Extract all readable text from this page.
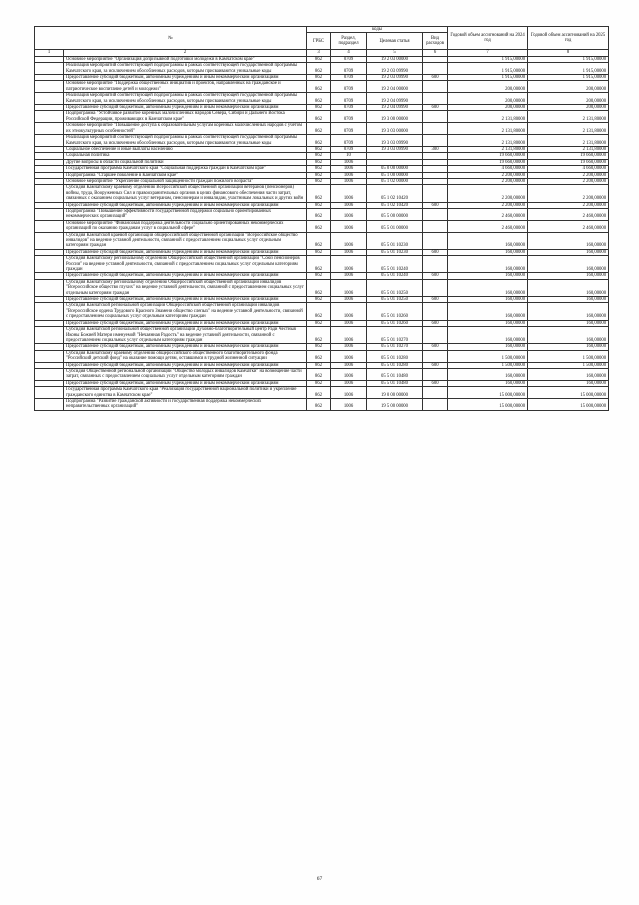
№		коды				Годовой объем ассигнований на 2024 год	Годовой объем ассигнований на 2025 год
		ГРБС	Раздел, подраздел	Целевая статья	Вид расходов		
1	2	3	4	5	6	7	8
	Основное мероприятие "Организация допризывной подготовки молодежи в Камчатском крае"	862	0709	19 2 03 00000		1 915,00000	1 915,00000
	Реализация мероприятий соответствующей подпрограммы в рамках соответствующей государственной программы Камчатского края, за исключением обособленных расходов, которым присваиваются уникальные коды	862	0709	19 2 03 09990		1 915,00000	1 915,00000
	Предоставление субсидий бюджетным, автономным учреждениям и иным некоммерческим организациям	862	0709	19 2 03 09990	600	1 915,00000	1 915,00000
	Основное мероприятие "Поддержка общественных инициатив и проектов, направленных на гражданское и патриотическое воспитание детей и молодежи"	862	0709	19 2 04 00000		200,00000	200,00000
	Реализация мероприятий соответствующей подпрограммы в рамках соответствующей государственной программы Камчатского края, за исключением обособленных расходов, которым присваиваются уникальные коды	862	0709	19 2 04 09990		200,00000	200,00000
	Предоставление субсидий бюджетным, автономным учреждениям и иным некоммерческим организациям	862	0709	19 2 04 09990	600	200,00000	200,00000
	Подпрограмма "Устойчивое развитие коренных малочисленных народов Севера, Сибири и Дальнего Востока Российской Федерации, проживающих в Камчатском крае"	862	0709	19 3 00 00000		2 131,80000	2 131,80000
	Основное мероприятие "Повышение доступа к образовательным услугам коренных малочисленных народов с учетом их этнокультурных особенностей"	862	0709	19 3 03 00000		2 131,80000	2 131,80000
	Реализация мероприятий соответствующей подпрограммы в рамках соответствующей государственной программы Камчатского края, за исключением обособленных расходов, которым присваиваются уникальные коды	862	0709	19 3 03 09990		2 131,80000	2 131,80000
	Социальное обеспечение и иные выплаты населению	862	0709	19 3 03 09990	300	2 131,80000	2 131,80000
	Социальная политика	862	10			19 660,00000	19 660,00000
	Другие вопросы в области социальной политики	862	1006			19 660,00000	19 660,00000
	Государственная программа Камчатского края "Социальная поддержка граждан в Камчатском крае"	862	1006	05 0 00 00000		4 660,00000	4 660,00000
	Подпрограмма "Старшее поколение в Камчатском крае"	862	1006	05 1 00 00000		2 200,00000	2 200,00000
	Основное мероприятие "Укрепление социальной защищенности граждан пожилого возраста"	862	1006	05 1 02 00000		2 200,00000	2 200,00000
	Субсидия Камчатскому краевому отделению Всероссийской общественной организации ветеранов (пенсионеров) войны, труда, Вооруженных Сил и правоохранительных органов в целях финансового обеспечения части затрат, связанных с оказанием социальных услуг ветеранам, пенсионерам и инвалидам, участникам локальных и других войн	862	1006	05 1 02 10420		2 200,00000	2 200,00000
	Предоставление субсидий бюджетным, автономным учреждениям и иным некоммерческим организациям	862	1006	05 1 02 10420	600	2 200,00000	2 200,00000
	Подпрограмма "Повышение эффективности государственной поддержки социально ориентированных некоммерческих организаций"	862	1006	05 5 00 00000		2 460,00000	2 460,00000
	Основное мероприятие "Финансовая поддержка деятельности социально ориентированных некоммерческих организаций по оказанию гражданам услуг в социальной сфере"	862	1006	05 5 01 00000		2 460,00000	2 460,00000
	Субсидия Камчатской краевой организации общероссийской общественной организации "Всероссийское общество инвалидов" на ведение уставной деятельности, связанной с предоставлением социальных услуг отдельным категориям граждан	862	1006	05 5 01 10230		160,00000	160,00000
	Предоставление субсидий бюджетным, автономным учреждениям и иным некоммерческим организациям	862	1006	05 5 01 10230	600	160,00000	160,00000
	Субсидия Камчатскому региональному отделению Общероссийской общественной организации "Союз пенсионеров России" на ведение уставной деятельности, связанной с предоставлением социальных услуг отдельным категориям граждан	862	1006	05 5 01 10240		160,00000	160,00000
	Предоставление субсидий бюджетным, автономным учреждениям и иным некоммерческим организациям	862	1006	05 5 01 10240	600	160,00000	160,00000
	Субсидия Камчатскому региональному отделению Общероссийской общественной организации инвалидов "Всероссийское общество глухих" на ведение уставной деятельности, связанной с предоставлением социальных услуг отдельным категориям граждан	862	1006	05 5 01 10250		160,00000	160,00000
	Предоставление субсидий бюджетным, автономным учреждениям и иным некоммерческим организациям	862	1006	05 5 01 10250	600	160,00000	160,00000
	Субсидия Камчатской региональной организации Общероссийской общественной организации инвалидов "Всероссийское ордена Трудового Красного Знамени общество слепых" на ведение уставной деятельности, связанной с предоставлением социальных услуг отдельным категориям граждан	862	1006	05 5 01 10260		160,00000	160,00000
	Предоставление субсидий бюджетным, автономным учреждениям и иным некоммерческим организациям	862	1006	05 5 01 10260	600	160,00000	160,00000
	Субсидия Камчатской региональной общественной организации Духовно-благотворительный центр Ради Честныя Иконы Божией Матери именуемой "Нечаянная Радость" на ведение уставной деятельности, связанной с предоставлением социальных услуг отдельным категориям граждан	862	1006	05 5 01 10270		160,00000	160,00000
	Предоставление субсидий бюджетным, автономным учреждениям и иным некоммерческим организациям	862	1006	05 5 01 10270	600	160,00000	160,00000
	Субсидия Камчатскому краевому отделению общероссийского общественного благотворительного фонда "Российский детский фонд" на оказание помощи детям, оставшимся в трудной жизненной ситуации	862	1006	05 5 01 10280		1 500,00000	1 500,00000
	Предоставление субсидий бюджетным, автономным учреждениям и иным некоммерческим организациям	862	1006	05 5 01 10280	600	1 500,00000	1 500,00000
	Субсидия Общественной региональной организации "Общество молодых инвалидов Камчатки" на возмещение части затрат, связанных с предоставлением социальных услуг отдельным категориям граждан	862	1006	05 5 01 10480		160,00000	160,00000
	Предоставление субсидий бюджетным, автономным учреждениям и иным некоммерческим организациям	862	1006	05 5 01 10480	600	160,00000	160,00000
	Государственная программа Камчатского края "Реализация государственной национальной политики и укрепление гражданского единства в Камчатском крае"	862	1006	19 0 00 00000		15 000,00000	15 000,00000
	Подпрограмма "Развитие гражданской активности и государственная поддержка некоммерческих неправительственных организаций"	862	1006	19 5 00 00000		15 000,00000	15 000,00000
67
